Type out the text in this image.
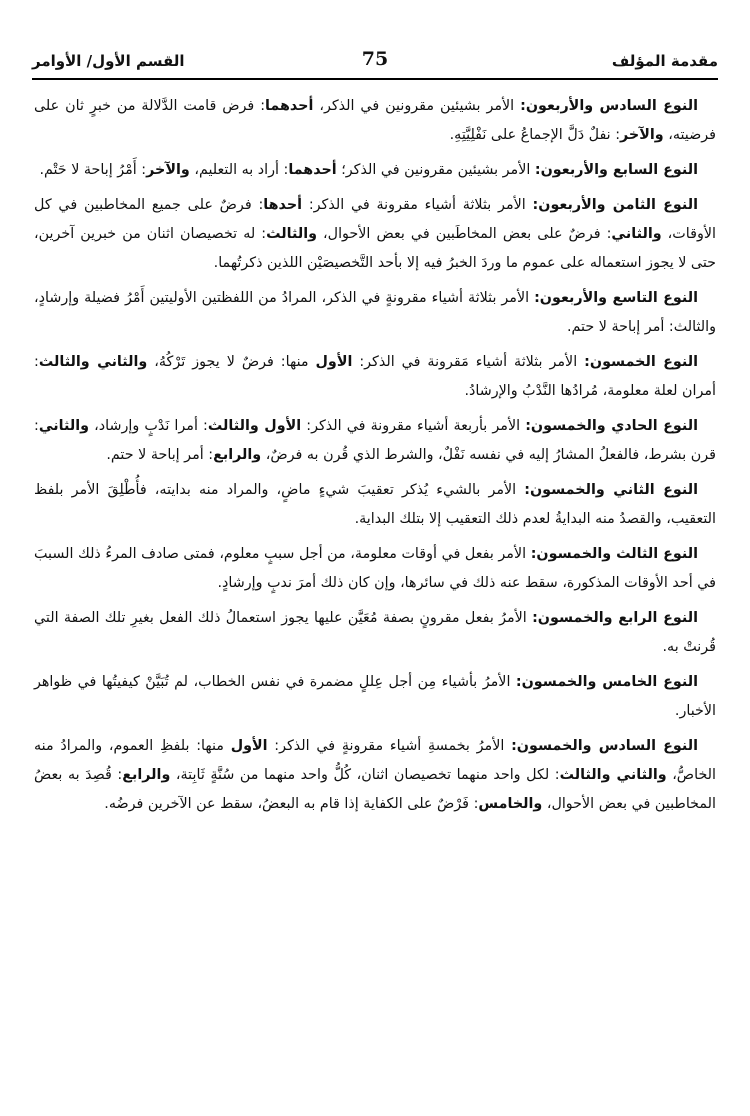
مقدمة المؤلف
75
القسم الأول/ الأوامر

النوع السادس والأربعون: الأمر بشيئين مقرونين في الذكر، أحدهما: فرض قامت الدَّلالة من خبرٍ ثان على فرضيته، والآخر: نفلٌ دَلَّ الإجماعُ على نَفْلِيَّتِهِ.

النوع السابع والأربعون: الأمر بشيئين مقرونين في الذكر؛ أحدهما: أراد به التعليم، والآخر: أَمْرُ إباحة لا حَتْم.

النوع الثامن والأربعون: الأمر بثلاثة أشياء مقرونة في الذكر: أحدها: فرضٌ على جميع المخاطبين في كل الأوقات، والثاني: فرضٌ على بعض المخاطَبين في بعض الأحوال، والثالث: له تخصيصان اثنان من خبرين آخرين، حتى لا يجوز استعماله على عموم ما وردَ الخبرُ فيه إلا بأحد التَّخصيصَيْن اللذين ذكرتُهما.

النوع التاسع والأربعون: الأمر بثلاثة أشياء مقرونةٍ في الذكر، المرادُ من اللفظتين الأوليتين أَمْرُ فضيلة وإرشادٍ، والثالث: أمر إباحة لا حتم.

النوع الخمسون: الأمر بثلاثة أشياء مَقرونة في الذكر: الأول منها: فرضٌ لا يجوز تَرْكُهُ، والثاني والثالث: أمران لعلة معلومة، مُرادُها النَّدْبُ والإرشادُ.

النوع الحادي والخمسون: الأمر بأربعة أشياء مقرونة في الذكر: الأول والثالث: أمرا نَدْبٍ وإرشاد، والثاني: قرن بشرط، فالفعلُ المشارُ إليه في نفسه نَفْلٌ، والشرط الذي قُرن به فرضٌ، والرابع: أمر إباحة لا حتم.

النوع الثاني والخمسون: الأمر بالشيء يُذكر تعقيبَ شيءٍ ماضٍ، والمراد منه بدايته، فأُطْلِقَ الأمر بلفظ التعقيب، والقصدُ منه البدايةُ لعدم ذلك التعقيب إلا بتلك البداية.

النوع الثالث والخمسون: الأمر بفعل في أوقات معلومة، من أجل سببٍ معلوم، فمتى صادف المرءُ ذلك السببَ في أحد الأوقات المذكورة، سقط عنه ذلك في سائرها، وإن كان ذلك أمرَ ندبٍ وإرشادٍ.

النوع الرابع والخمسون: الأمرُ بفعل مقرونٍ بصفة مُعَيَّن عليها يجوز استعمالُ ذلك الفعل بغيرِ تلك الصفة التي قُرنتْ به.

النوع الخامس والخمسون: الأمرُ بأشياء مِن أجل عِللٍ مضمرة في نفس الخطاب، لم تُبَيَّنْ كيفيتُها في ظواهر الأخبار.

النوع السادس والخمسون: الأمرُ بخمسةِ أشياء مقرونةٍ في الذكر: الأول منها: بلفظِ العموم، والمرادُ منه الخاصُّ، والثاني والثالث: لكل واحد منهما تخصيصان اثنان، كُلُّ واحد منهما من سُنَّةٍ ثَابِتة، والرابع: قُصِدَ به بعضُ المخاطبين في بعض الأحوال، والخامس: فَرْضٌ على الكفاية إذا قام به البعضُ، سقط عن الآخرين فرضُه.
